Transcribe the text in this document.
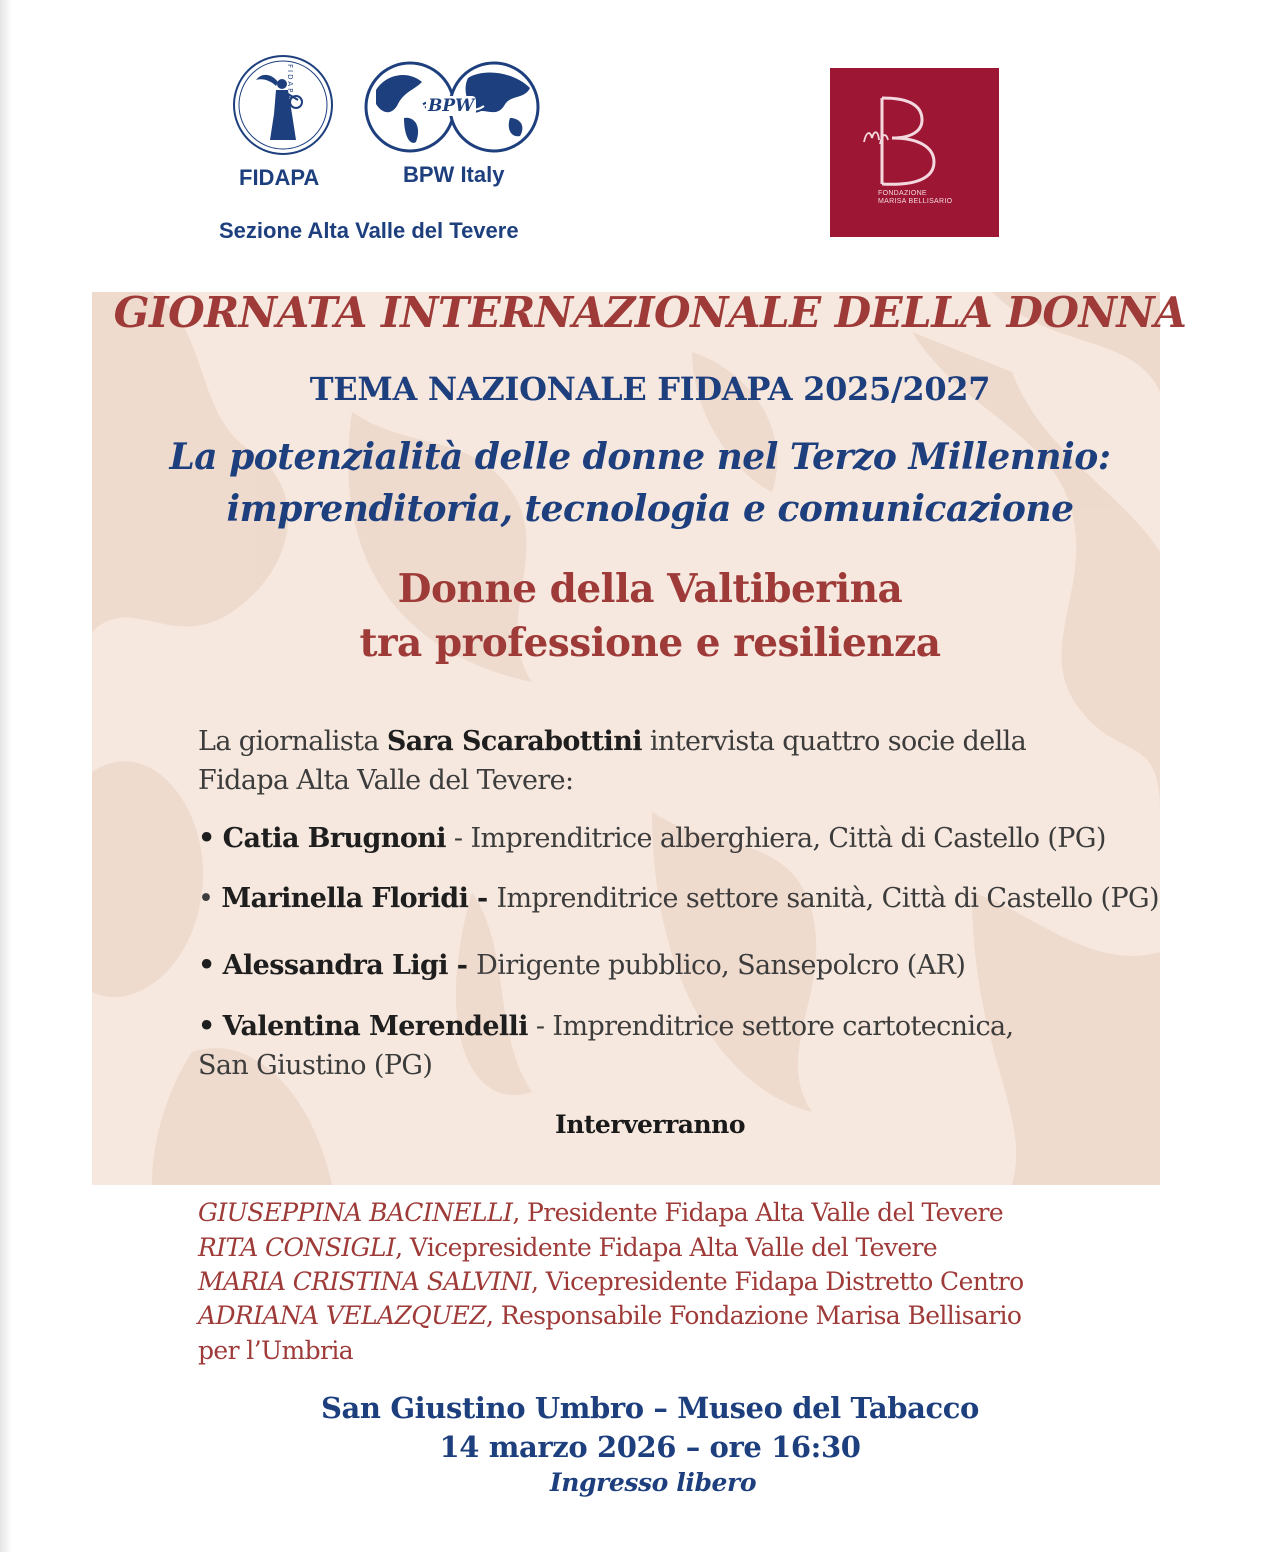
FIDAPA
FIDAPA
BPW
BPW Italy
Sezione Alta Valle del Tevere
FONDAZIONE
MARISA BELLISARIO
GIORNATA INTERNAZIONALE DELLA DONNA
TEMA NAZIONALE FIDAPA 2025/2027
La potenzialità delle donne nel Terzo Millennio:
imprenditoria, tecnologia e comunicazione
Donne della Valtiberina
tra professione e resilienza
La giornalista Sara Scarabottini intervista quattro socie della
Fidapa Alta Valle del Tevere:
• Catia Brugnoni - Imprenditrice alberghiera, Città di Castello (PG)
• Marinella Floridi - Imprenditrice settore sanità, Città di Castello (PG)
• Alessandra Ligi - Dirigente pubblico, Sansepolcro (AR)
• Valentina Merendelli - Imprenditrice settore cartotecnica,
San Giustino (PG)
Interverranno
GIUSEPPINA BACINELLI, Presidente Fidapa Alta Valle del Tevere
RITA CONSIGLI, Vicepresidente Fidapa Alta Valle del Tevere
MARIA CRISTINA SALVINI, Vicepresidente Fidapa Distretto Centro
ADRIANA VELAZQUEZ, Responsabile Fondazione Marisa Bellisario
per l’Umbria
San Giustino Umbro – Museo del Tabacco
14 marzo 2026 – ore 16:30
Ingresso libero
